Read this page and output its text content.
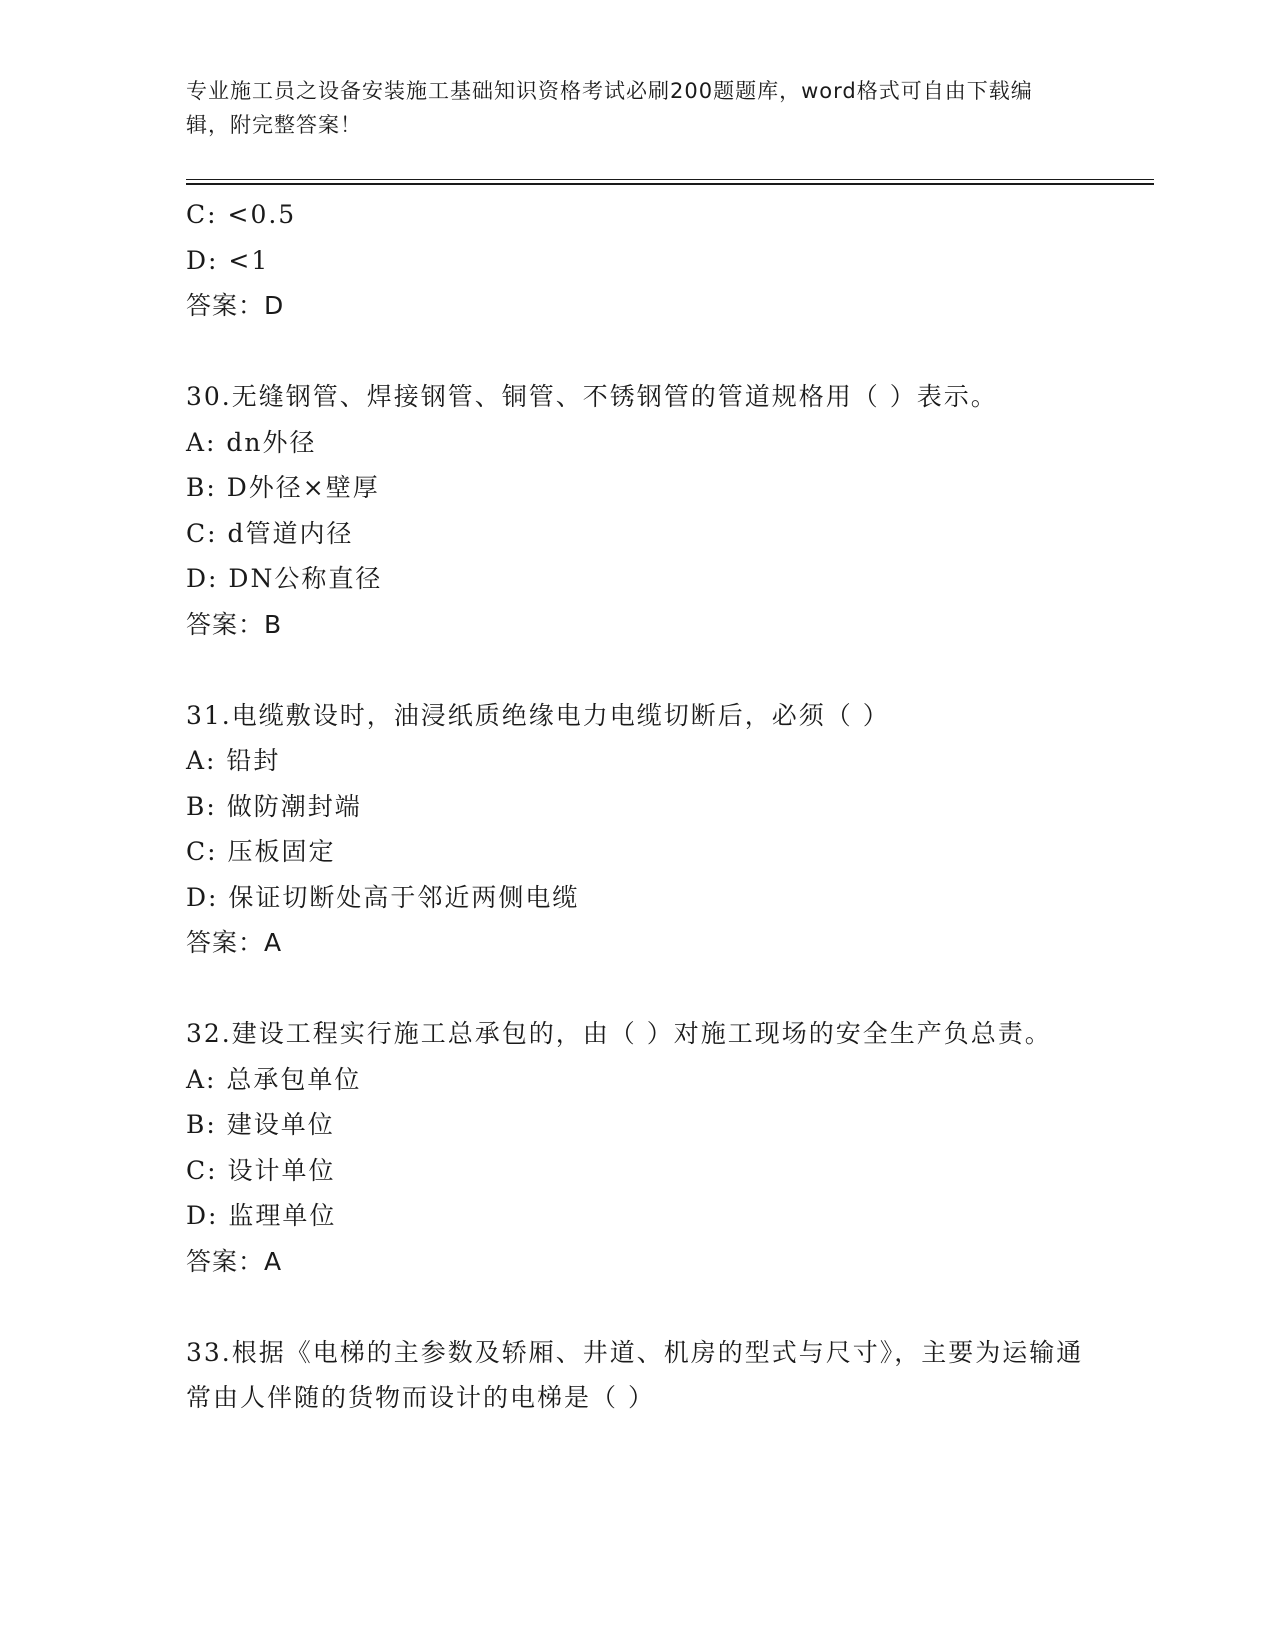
专业施工员之设备安装施工基础知识资格考试必刷200题题库，word格式可自由下载编辑，附完整答案！
C: <0.5
D: <1
答案：D
30.无缝钢管、焊接钢管、铜管、不锈钢管的管道规格用（ ）表示。
A: dn外径
B: D外径×壁厚
C: d管道内径
D: DN公称直径
答案：B
31.电缆敷设时，油浸纸质绝缘电力电缆切断后，必须（ ）
A: 铅封
B: 做防潮封端
C: 压板固定
D: 保证切断处高于邻近两侧电缆
答案：A
32.建设工程实行施工总承包的，由（ ）对施工现场的安全生产负总责。
A: 总承包单位
B: 建设单位
C: 设计单位
D: 监理单位
答案：A
33.根据《电梯的主参数及轿厢、井道、机房的型式与尺寸》，主要为运输通常由人伴随的货物而设计的电梯是（ ）
